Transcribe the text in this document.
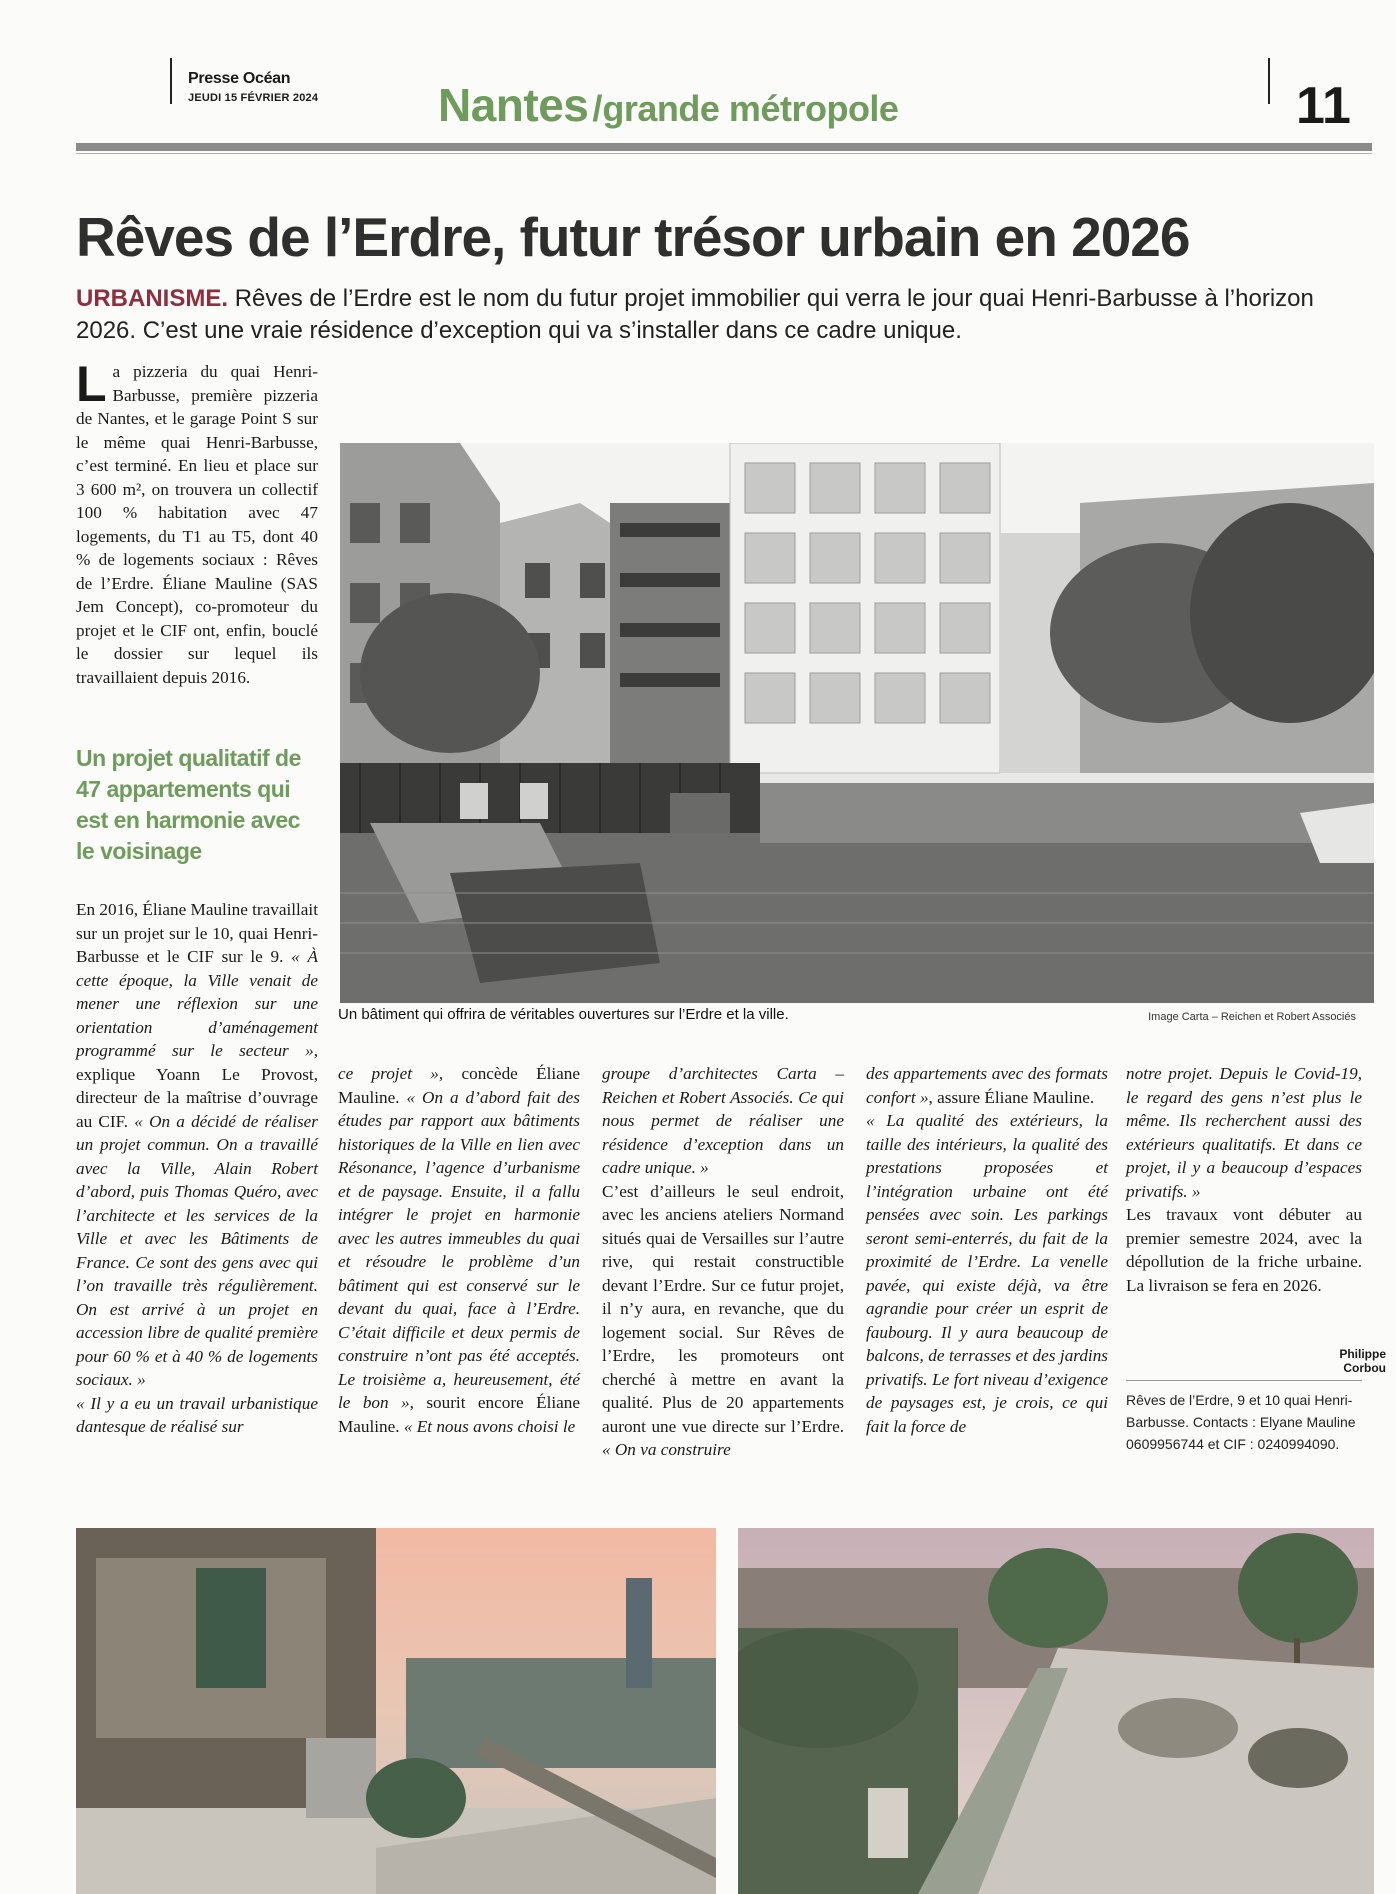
Presse Océan
JEUDI 15 FÉVRIER 2024	Nantes /grande métropole	11
Rêves de l’Erdre, futur trésor urbain en 2026
URBANISME. Rêves de l’Erdre est le nom du futur projet immobilier qui verra le jour quai Henri-Barbusse à l’horizon 2026. C’est une vraie résidence d’exception qui va s’installer dans ce cadre unique.

La pizzeria du quai Henri-Barbusse, première pizzeria de Nantes, et le garage Point S sur le même quai Henri-Barbusse, c’est terminé. En lieu et place sur 3 600 m², on trouvera un collectif 100 % habitation avec 47 logements, du T1 au T5, dont 40 % de logements sociaux : Rêves de l’Erdre. Éliane Mauline (SAS Jem Concept), co-promoteur du projet et le CIF ont, enfin, bouclé le dossier sur lequel ils travaillaient depuis 2016.

Un projet qualitatif de 47 appartements qui est en harmonie avec le voisinage

En 2016, Éliane Mauline travaillait sur un projet sur le 10, quai Henri-Barbusse et le CIF sur le 9. « À cette époque, la Ville venait de mener une réflexion sur une orientation d’aménagement programmé sur le secteur », explique Yoann Le Provost, directeur de la maîtrise d’ouvrage au CIF. « On a décidé de réaliser un projet commun. On a travaillé avec la Ville, Alain Robert d’abord, puis Thomas Quéro, avec l’architecte et les services de la Ville et avec les Bâtiments de France. Ce sont des gens avec qui l’on travaille très régulièrement. On est arrivé à un projet en accession libre de qualité première pour 60 % et à 40 % de logements sociaux. »
« Il y a eu un travail urbanistique dantesque de réalisé sur

Un bâtiment qui offrira de véritables ouvertures sur l’Erdre et la ville.	Image Carta – Reichen et Robert Associés

ce projet », concède Éliane Mauline. « On a d’abord fait des études par rapport aux bâtiments historiques de la Ville en lien avec Résonance, l’agence d’urbanisme et de paysage. Ensuite, il a fallu intégrer le projet en harmonie avec les autres immeubles du quai et résoudre le problème d’un bâtiment qui est conservé sur le devant du quai, face à l’Erdre. C’était difficile et deux permis de construire n’ont pas été acceptés. Le troisième a, heureusement, été le bon », sourit encore Éliane Mauline. « Et nous avons choisi le

groupe d’architectes Carta – Reichen et Robert Associés. Ce qui nous permet de réaliser une résidence d’exception dans un cadre unique. »
C’est d’ailleurs le seul endroit, avec les anciens ateliers Normand situés quai de Versailles sur l’autre rive, qui restait constructible devant l’Erdre. Sur ce futur projet, il n’y aura, en revanche, que du logement social. Sur Rêves de l’Erdre, les promoteurs ont cherché à mettre en avant la qualité. Plus de 20 appartements auront une vue directe sur l’Erdre. « On va construire

des appartements avec des formats confort », assure Éliane Mauline.
« La qualité des extérieurs, la taille des intérieurs, la qualité des prestations proposées et l’intégration urbaine ont été pensées avec soin. Les parkings seront semi-enterrés, du fait de la proximité de l’Erdre. La venelle pavée, qui existe déjà, va être agrandie pour créer un esprit de faubourg. Il y aura beaucoup de balcons, de terrasses et des jardins privatifs. Le fort niveau d’exigence de paysages est, je crois, ce qui fait la force de

notre projet. Depuis le Covid-19, le regard des gens n’est plus le même. Ils recherchent aussi des extérieurs qualitatifs. Et dans ce projet, il y a beaucoup d’espaces privatifs. »
Les travaux vont débuter au premier semestre 2024, avec la dépollution de la friche urbaine. La livraison se fera en 2026.

Philippe Corbou
Rêves de l’Erdre, 9 et 10 quai Henri-Barbusse. Contacts : Elyane Mauline 0609956744 et CIF : 0240994090.
